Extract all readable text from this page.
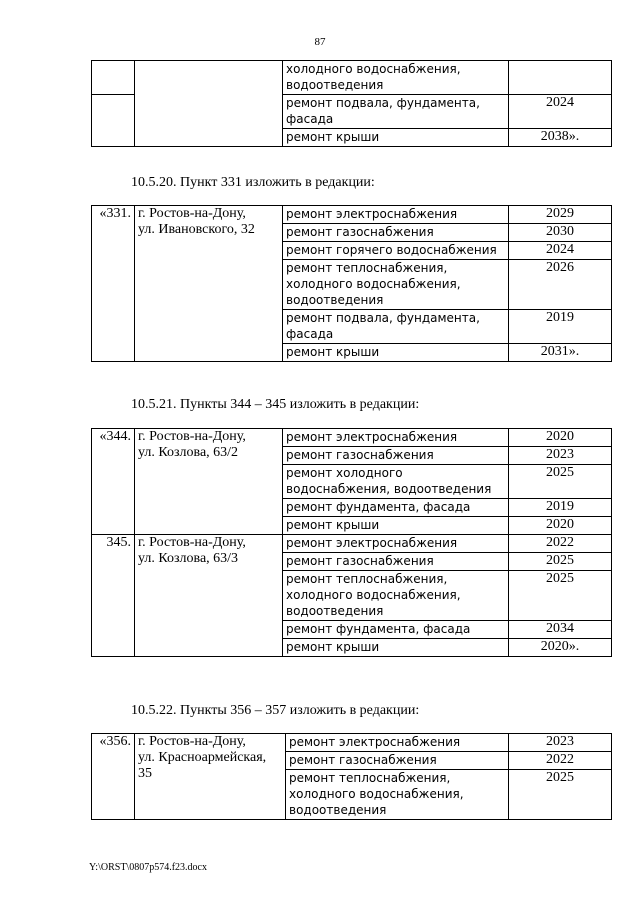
87
		холодного водоснабжения,
водоотведения	
		ремонт подвала, фундамента,
фасада	2024
		ремонт крыши	2038».
10.5.20. Пункт 331 изложить в редакции:
«331.	г. Ростов-на-Дону,
ул. Ивановского, 32	ремонт электроснабжения	2029
		ремонт газоснабжения	2030
		ремонт горячего водоснабжения	2024
		ремонт теплоснабжения,
холодного водоснабжения,
водоотведения	2026
		ремонт подвала, фундамента,
фасада	2019
		ремонт крыши	2031».
10.5.21. Пункты 344 – 345 изложить в редакции:
«344.	г. Ростов-на-Дону,
ул. Козлова, 63/2	ремонт электроснабжения	2020
		ремонт газоснабжения	2023
		ремонт холодного
водоснабжения, водоотведения	2025
		ремонт фундамента, фасада	2019
		ремонт крыши	2020
345.	г. Ростов-на-Дону,
ул. Козлова, 63/3	ремонт электроснабжения	2022
		ремонт газоснабжения	2025
		ремонт теплоснабжения,
холодного водоснабжения,
водоотведения	2025
		ремонт фундамента, фасада	2034
		ремонт крыши	2020».
10.5.22. Пункты 356 – 357 изложить в редакции:
«356.	г. Ростов-на-Дону,
ул. Красноармейская,
35	ремонт электроснабжения	2023
		ремонт газоснабжения	2022
		ремонт теплоснабжения,
холодного водоснабжения,
водоотведения	2025
Y:\ORST\0807p574.f23.docx
